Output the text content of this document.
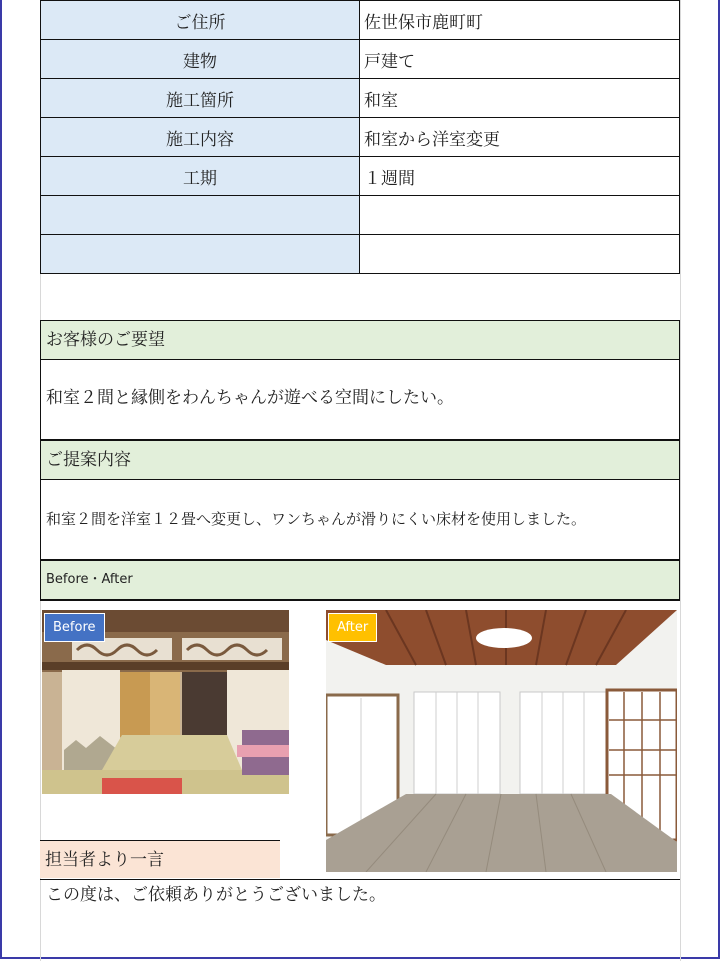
ご住所	佐世保市鹿町町
建物	戸建て
施工箇所	和室
施工内容	和室から洋室変更
工期	１週間

お客様のご要望
和室２間と縁側をわんちゃんが遊べる空間にしたい。
ご提案内容
和室２間を洋室１２畳へ変更し、ワンちゃんが滑りにくい床材を使用しました。
Before・After
Before	After
担当者より一言
この度は、ご依頼ありがとうございました。
